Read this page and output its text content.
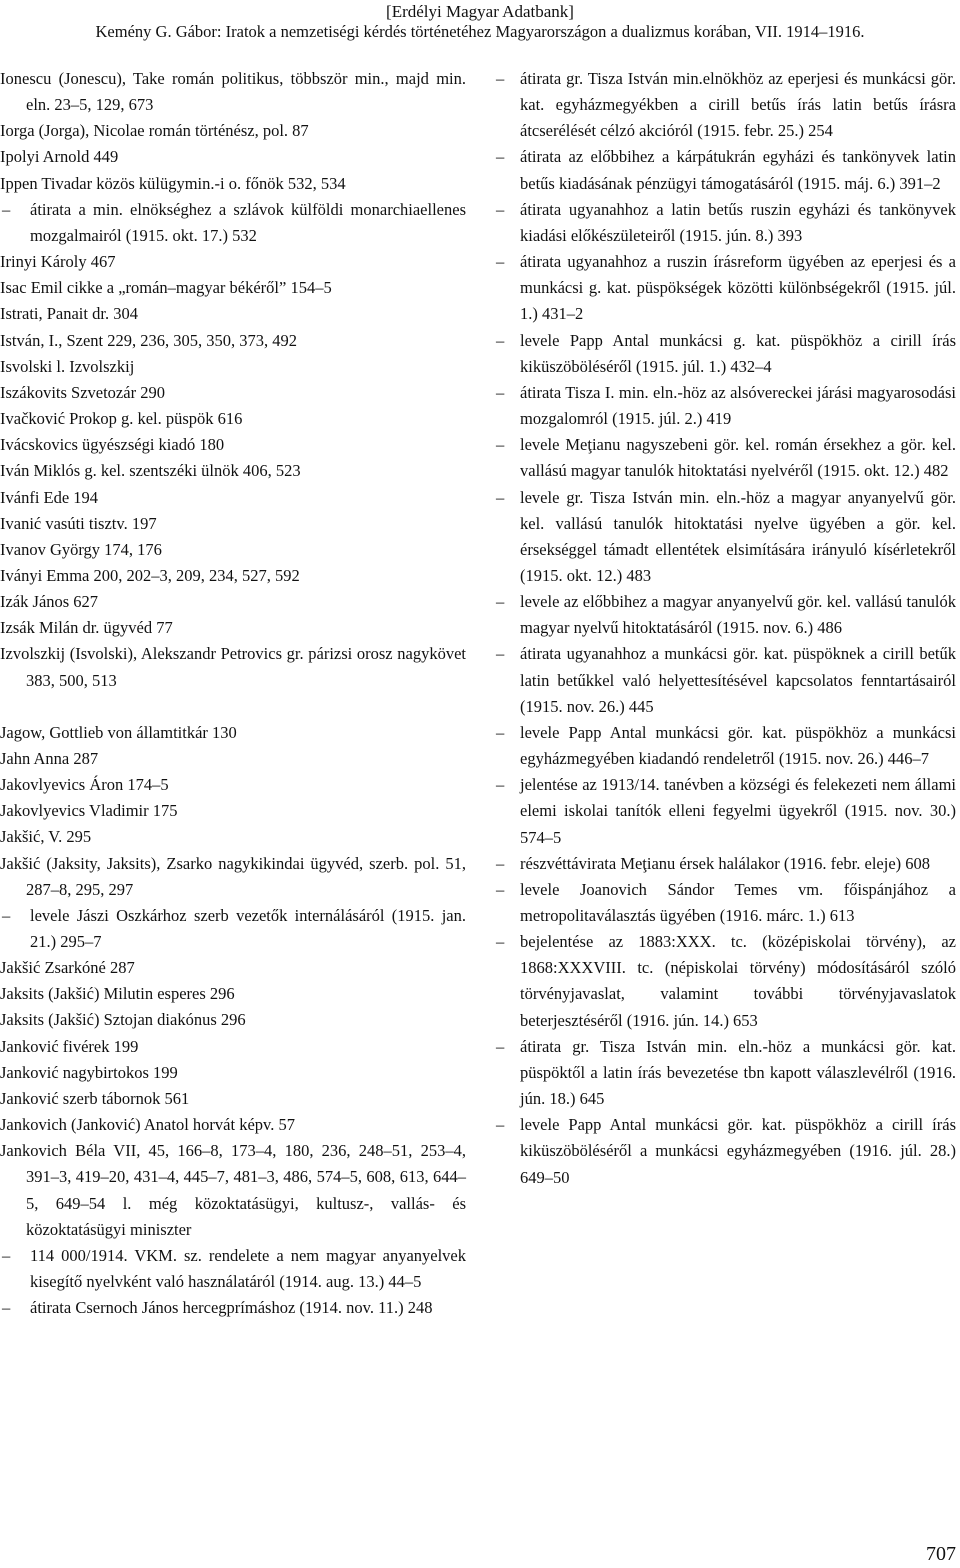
[Erdélyi Magyar Adatbank]
Kemény G. Gábor: Iratok a nemzetiségi kérdés történetéhez Magyarországon a dualizmus korában, VII. 1914–1916.

Ionescu (Jonescu), Take román politikus, többször min., majd min. eln. 23–5, 129, 673

Iorga (Jorga), Nicolae román történész, pol. 87

Ipolyi Arnold 449

Ippen Tivadar közös külügymin.-i o. főnök 532, 534

– átirata a min. elnökséghez a szlávok külföldi monarchiaellenes mozgalmairól (1915. okt. 17.) 532

Irinyi Károly 467

Isac Emil cikke a „román–magyar békéről” 154–5

Istrati, Panait dr. 304

István, I., Szent 229, 236, 305, 350, 373, 492

Isvolski l. Izvolszkij

Iszákovits Szvetozár 290

Ivačković Prokop g. kel. püspök 616

Ivácskovics ügyészségi kiadó 180

Iván Miklós g. kel. szentszéki ülnök 406, 523

Ivánfi Ede 194

Ivanić vasúti tisztv. 197

Ivanov György 174, 176

Iványi Emma 200, 202–3, 209, 234, 527, 592

Izák János 627

Izsák Milán dr. ügyvéd 77

Izvolszkij (Isvolski), Alekszandr Petrovics gr. párizsi orosz nagykövet 383, 500, 513

Jagow, Gottlieb von államtitkár 130

Jahn Anna 287

Jakovlyevics Áron 174–5

Jakovlyevics Vladimir 175

Jakšić, V. 295

Jakšić (Jaksity, Jaksits), Zsarko nagykikindai ügyvéd, szerb. pol. 51, 287–8, 295, 297

– levele Jászi Oszkárhoz szerb vezetők internálásáról (1915. jan. 21.) 295–7

Jakšić Zsarkóné 287

Jaksits (Jakšić) Milutin esperes 296

Jaksits (Jakšić) Sztojan diakónus 296

Janković fivérek 199

Janković nagybirtokos 199

Janković szerb tábornok 561

Jankovich (Janković) Anatol horvát képv. 57

Jankovich Béla VII, 45, 166–8, 173–4, 180, 236, 248–51, 253–4, 391–3, 419–20, 431–4, 445–7, 481–3, 486, 574–5, 608, 613, 644–5, 649–54 l. még közoktatásügyi, kultusz-, vallás- és közoktatásügyi miniszter

– 114 000/1914. VKM. sz. rendelete a nem magyar anyanyelvek kisegítő nyelvként való használatáról (1914. aug. 13.) 44–5

– átirata Csernoch János hercegprímáshoz (1914. nov. 11.) 248

– átirata gr. Tisza István min.elnökhöz az eperjesi és munkácsi gör. kat. egyházmegyékben a cirill betűs írás latin betűs írásra átcserélését célzó akcióról (1915. febr. 25.) 254

– átirata az előbbihez a kárpátukrán egyházi és tankönyvek latin betűs kiadásának pénzügyi támogatásáról (1915. máj. 6.) 391–2

– átirata ugyanahhoz a latin betűs ruszin egyházi és tankönyvek kiadási előkészületeiről (1915. jún. 8.) 393

– átirata ugyanahhoz a ruszin írásreform ügyében az eperjesi és a munkácsi g. kat. püspökségek közötti különbségekről (1915. júl. 1.) 431–2

– levele Papp Antal munkácsi g. kat. püspökhöz a cirill írás kiküszöböléséről (1915. júl. 1.) 432–4

– átirata Tisza I. min. eln.-höz az alsóvereckei járási magyarosodási mozgalomról (1915. júl. 2.) 419

– levele Meţianu nagyszebeni gör. kel. román érsekhez a gör. kel. vallású magyar tanulók hitoktatási nyelvéről (1915. okt. 12.) 482

– levele gr. Tisza István min. eln.-höz a magyar anyanyelvű gör. kel. vallású tanulók hitoktatási nyelve ügyében a gör. kel. érsekséggel támadt ellentétek elsimítására irányuló kísérletekről (1915. okt. 12.) 483

– levele az előbbihez a magyar anyanyelvű gör. kel. vallású tanulók magyar nyelvű hitoktatásáról (1915. nov. 6.) 486

– átirata ugyanahhoz a munkácsi gör. kat. püspöknek a cirill betűk latin betűkkel való helyettesítésével kapcsolatos fenntartásairól (1915. nov. 26.) 445

– levele Papp Antal munkácsi gör. kat. püspökhöz a munkácsi egyházmegyében kiadandó rendeletről (1915. nov. 26.) 446–7

– jelentése az 1913/14. tanévben a községi és felekezeti nem állami elemi iskolai tanítók elleni fegyelmi ügyekről (1915. nov. 30.) 574–5

– részvéttávirata Meţianu érsek halálakor (1916. febr. eleje) 608

– levele Joanovich Sándor Temes vm. főispánjához a metropolitaválasztás ügyében (1916. márc. 1.) 613

– bejelentése az 1883:XXX. tc. (középiskolai törvény), az 1868:XXXVIII. tc. (népiskolai törvény) módosításáról szóló törvényjavaslat, valamint további törvényjavaslatok beterjesztéséről (1916. jún. 14.) 653

– átirata gr. Tisza István min. eln.-höz a munkácsi gör. kat. püspöktől a latin írás bevezetése tbn kapott válaszlevélről (1916. jún. 18.) 645

– levele Papp Antal munkácsi gör. kat. püspökhöz a cirill írás kiküszöböléséről a munkácsi egyházmegyében (1916. júl. 28.) 649–50

707
